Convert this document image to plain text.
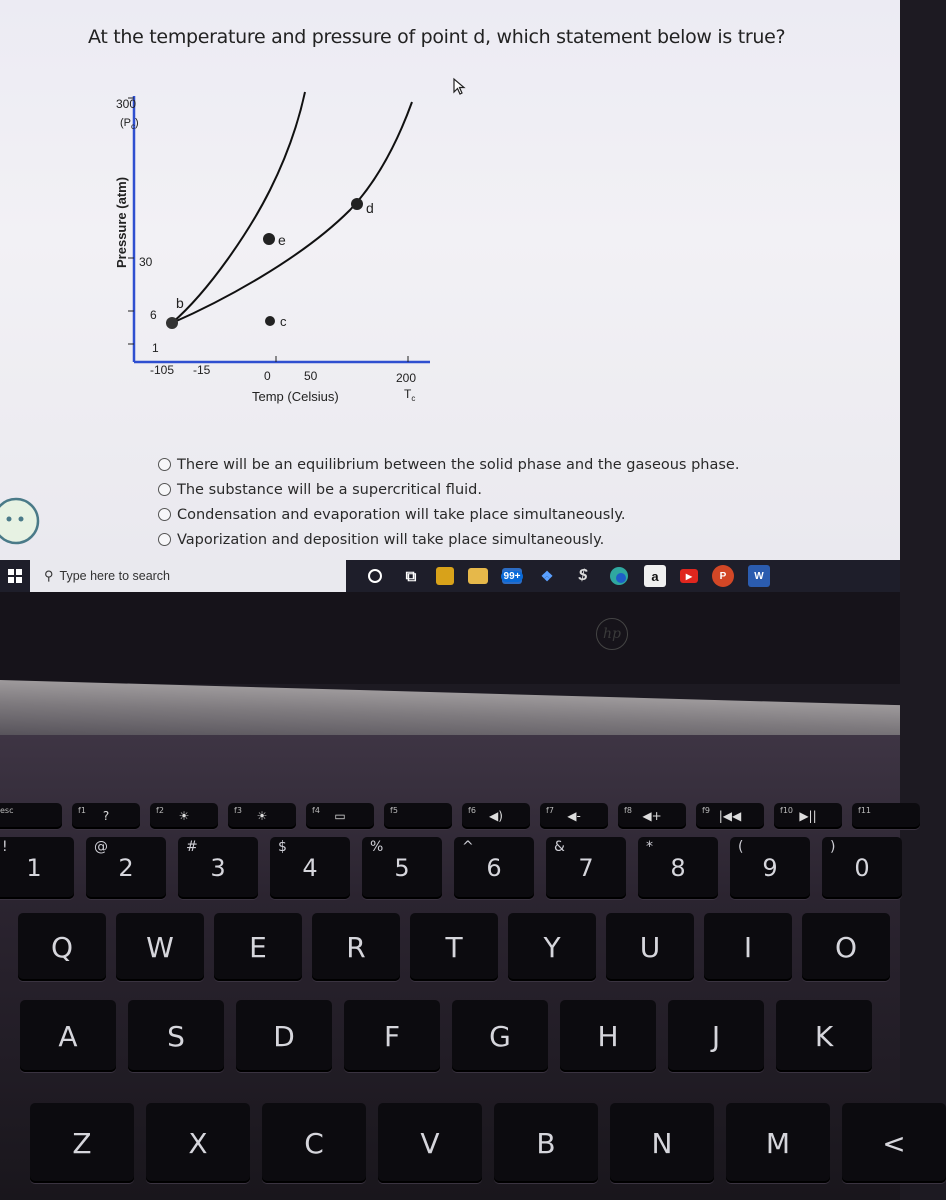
At the temperature and pressure of point d, which statement below is true?
300
$(P_c)$
30
6
1
Pressure (atm)
-105 -15	0	50	200
$T_c$
Temp (Celsius)
b
c
d
e
There will be an equilibrium between the solid phase and the gaseous phase.
The substance will be a supercritical fluid.
Condensation and evaporation will take place simultaneously.
Vaporization and deposition will take place simultaneously.
⚲ Type here to search	⧉	99+	❖	$	a	▶	P	W
hp
esc	f1 ?	f2 ☀	f3 ☀	f4 ▭	f5	f6 ◀)	f7 ◀-	f8 ◀+	f9 |◀◀	f10 ▶||	f11
!
1
@
2
#
3
$
4
%
5
^
6
&
7
*
8
(
9
)
0
Q	W	E	R	T	Y	U	I	O
A	S	D	F	G	H	J	K
Z	X	C	V	B	N	M	<
